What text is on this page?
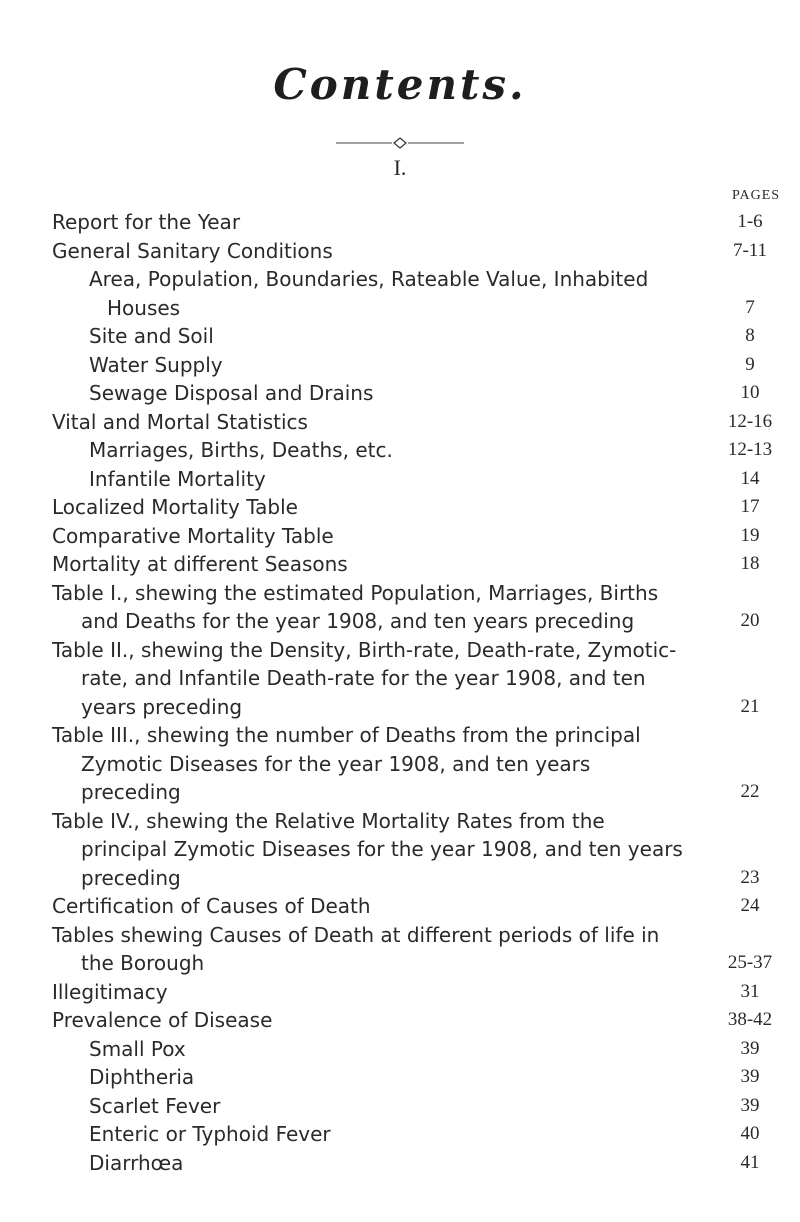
Contents.
I.
PAGES
Report for the Year	1-6
General Sanitary Conditions	7-11
Area, Population, Boundaries, Rateable Value, Inhabited Houses	7
Site and Soil	8
Water Supply	9
Sewage Disposal and Drains	10
Vital and Mortal Statistics	12-16
Marriages, Births, Deaths, etc.	12-13
Infantile Mortality	14
Localized Mortality Table	17
Comparative Mortality Table	19
Mortality at different Seasons	18
Table I., shewing the estimated Population, Marriages, Births and Deaths for the year 1908, and ten years preceding	20
Table II., shewing the Density, Birth-rate, Death-rate, Zymotic-rate, and Infantile Death-rate for the year 1908, and ten years preceding	21
Table III., shewing the number of Deaths from the principal Zymotic Diseases for the year 1908, and ten years preceding	22
Table IV., shewing the Relative Mortality Rates from the principal Zymotic Diseases for the year 1908, and ten years preceding	23
Certification of Causes of Death	24
Tables shewing Causes of Death at different periods of life in the Borough	25-37
Illegitimacy	31
Prevalence of Disease	38-42
Small Pox	39
Diphtheria	39
Scarlet Fever	39
Enteric or Typhoid Fever	40
Diarrhœa	41
